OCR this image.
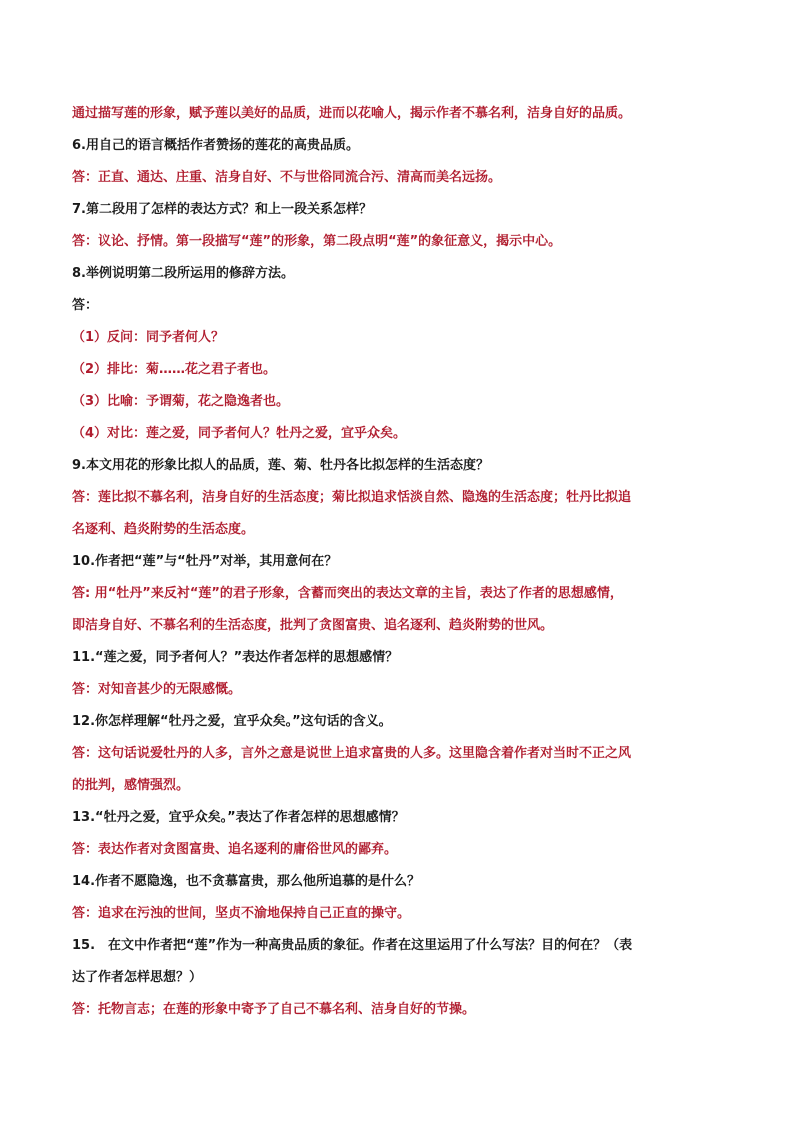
通过描写莲的形象，赋予莲以美好的品质，进而以花喻人，揭示作者不慕名利，洁身自好的品质。
6.用自己的语言概括作者赞扬的莲花的高贵品质。
答：正直、通达、庄重、洁身自好、不与世俗同流合污、清高而美名远扬。
7.第二段用了怎样的表达方式？和上一段关系怎样？
答：议论、抒情。第一段描写“莲”的形象，第二段点明“莲”的象征意义，揭示中心。
8.举例说明第二段所运用的修辞方法。
答：
（1）反问：同予者何人？
（2）排比：菊……花之君子者也。
（3）比喻：予谓菊，花之隐逸者也。
（4）对比：莲之爱，同予者何人？牡丹之爱，宜乎众矣。
9.本文用花的形象比拟人的品质，莲、菊、牡丹各比拟怎样的生活态度？
答：莲比拟不慕名利，洁身自好的生活态度；菊比拟追求恬淡自然、隐逸的生活态度；牡丹比拟追
名逐利、趋炎附势的生活态度。
10.作者把“莲”与“牡丹”对举，其用意何在？
答: 用“牡丹”来反衬“莲”的君子形象，含蓄而突出的表达文章的主旨，表达了作者的思想感情，
即洁身自好、不慕名利的生活态度，批判了贪图富贵、追名逐利、趋炎附势的世风。
11.“莲之爱，同予者何人？”表达作者怎样的思想感情？
答：对知音甚少的无限感慨。
12.你怎样理解“牡丹之爱，宜乎众矣。”这句话的含义。
答：这句话说爱牡丹的人多，言外之意是说世上追求富贵的人多。这里隐含着作者对当时不正之风
的批判，感情强烈。
13.“牡丹之爱，宜乎众矣。”表达了作者怎样的思想感情？
答：表达作者对贪图富贵、追名逐利的庸俗世风的鄙弃。
14.作者不愿隐逸，也不贪慕富贵，那么他所追慕的是什么？
答：追求在污浊的世间，坚贞不渝地保持自己正直的操守。
15.　在文中作者把“莲”作为一种高贵品质的象征。作者在这里运用了什么写法？目的何在？（表
达了作者怎样思想？）
答：托物言志；在莲的形象中寄予了自己不慕名利、洁身自好的节操。
